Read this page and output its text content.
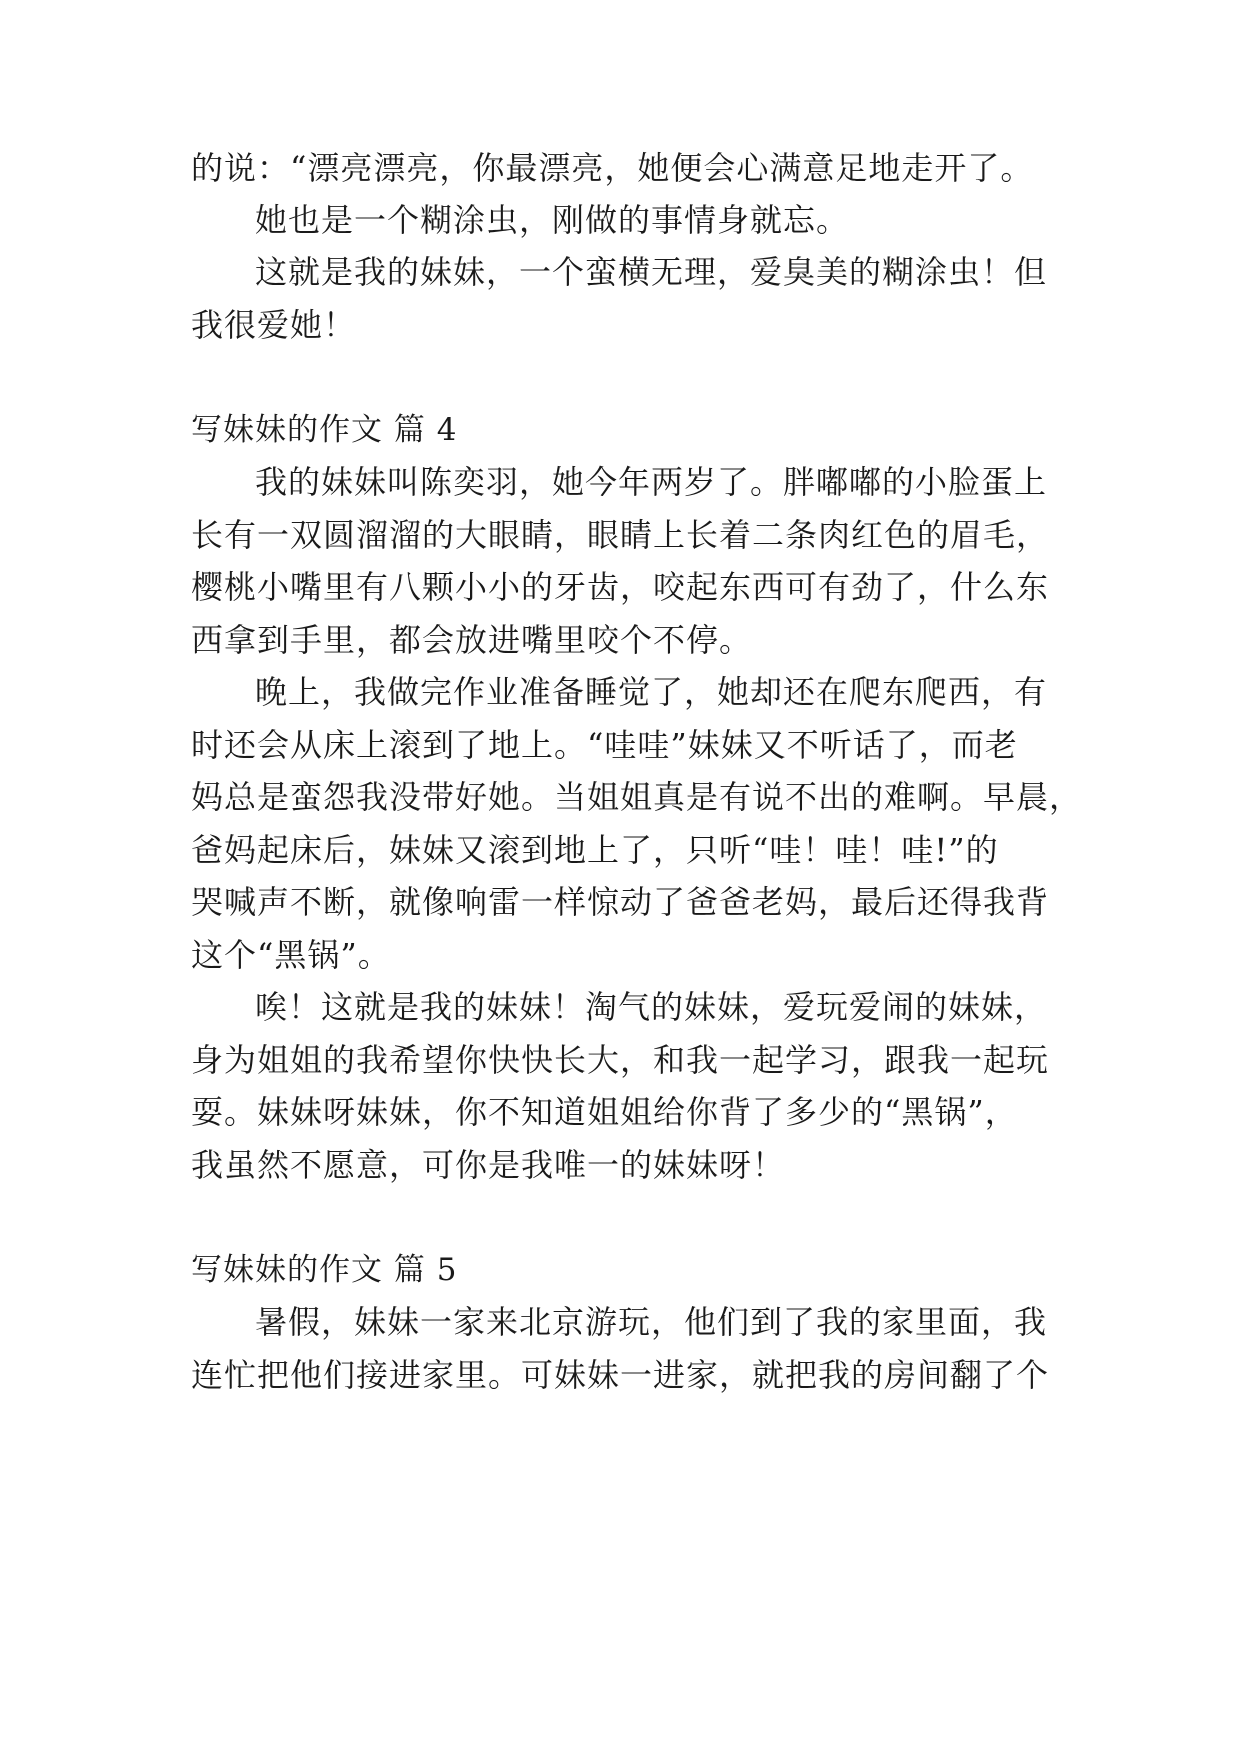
的说：“漂亮漂亮，你最漂亮，她便会心满意足地走开了。
她也是一个糊涂虫，刚做的事情身就忘。
这就是我的妹妹，一个蛮横无理，爱臭美的糊涂虫！但
我很爱她！
写妹妹的作文 篇 4
我的妹妹叫陈奕羽，她今年两岁了。胖嘟嘟的小脸蛋上
长有一双圆溜溜的大眼睛，眼睛上长着二条肉红色的眉毛，
樱桃小嘴里有八颗小小的牙齿，咬起东西可有劲了，什么东
西拿到手里，都会放进嘴里咬个不停。
晚上，我做完作业准备睡觉了，她却还在爬东爬西，有
时还会从床上滚到了地上。“哇哇”妹妹又不听话了，而老
妈总是蛮怨我没带好她。当姐姐真是有说不出的难啊。早晨，
爸妈起床后，妹妹又滚到地上了，只听“哇！哇！哇!”的
哭喊声不断，就像响雷一样惊动了爸爸老妈，最后还得我背
这个“黑锅”。
唉！这就是我的妹妹！淘气的妹妹，爱玩爱闹的妹妹，
身为姐姐的我希望你快快长大，和我一起学习，跟我一起玩
耍。妹妹呀妹妹，你不知道姐姐给你背了多少的“黑锅”，
我虽然不愿意，可你是我唯一的妹妹呀！
写妹妹的作文 篇 5
暑假，妹妹一家来北京游玩，他们到了我的家里面，我
连忙把他们接进家里。可妹妹一进家，就把我的房间翻了个
